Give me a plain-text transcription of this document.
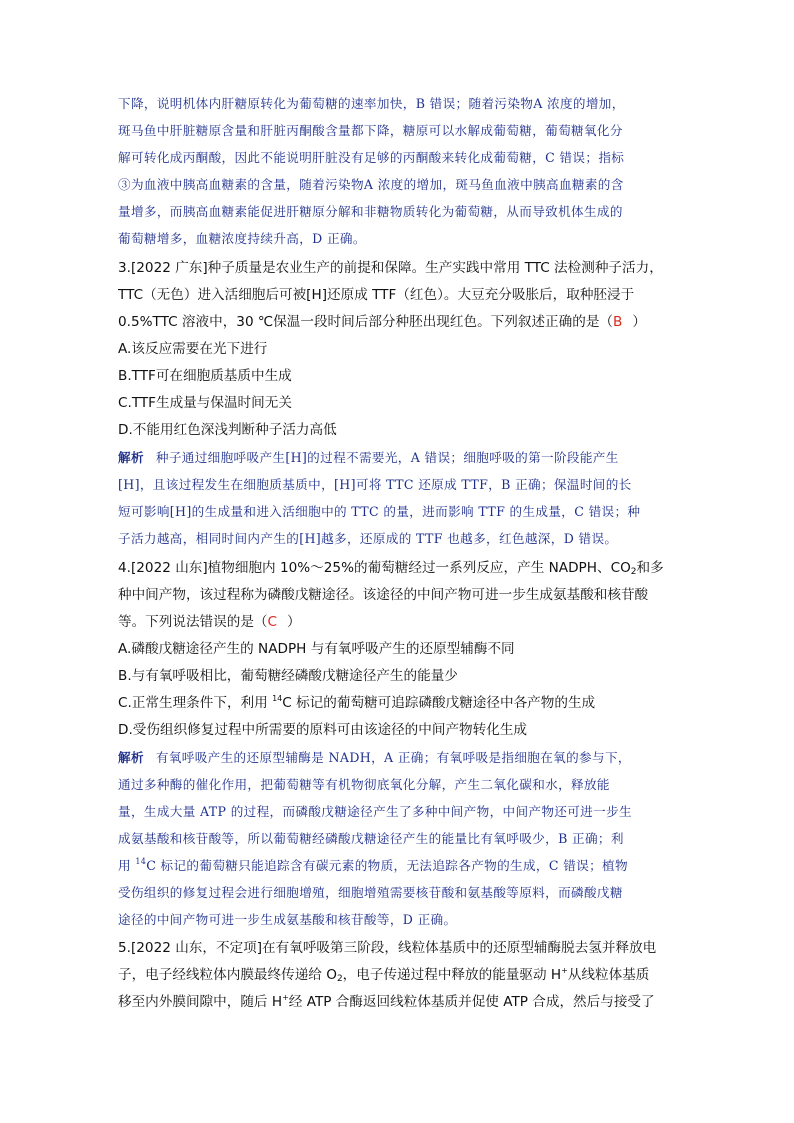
下降，说明机体内肝糖原转化为葡萄糖的速率加快，B 错误；随着污染物A 浓度的增加，
斑马鱼中肝脏糖原含量和肝脏丙酮酸含量都下降，糖原可以水解成葡萄糖，葡萄糖氧化分
解可转化成丙酮酸，因此不能说明肝脏没有足够的丙酮酸来转化成葡萄糖，C 错误；指标
③为血液中胰高血糖素的含量，随着污染物A 浓度的增加，斑马鱼血液中胰高血糖素的含
量增多，而胰高血糖素能促进肝糖原分解和非糖物质转化为葡萄糖，从而导致机体生成的
葡萄糖增多，血糖浓度持续升高，D 正确。
3.[2022 广东]种子质量是农业生产的前提和保障。生产实践中常用 TTC 法检测种子活力，
TTC（无色）进入活细胞后可被[H]还原成 TTF（红色）。大豆充分吸胀后，取种胚浸于
0.5%TTC 溶液中，30 ℃保温一段时间后部分种胚出现红色。下列叙述正确的是（B ）
A.该反应需要在光下进行
B.TTF可在细胞质基质中生成
C.TTF生成量与保温时间无关
D.不能用红色深浅判断种子活力高低
解析 种子通过细胞呼吸产生[H]的过程不需要光，A 错误；细胞呼吸的第一阶段能产生
[H]，且该过程发生在细胞质基质中，[H]可将 TTC 还原成 TTF，B 正确；保温时间的长
短可影响[H]的生成量和进入活细胞中的 TTC 的量，进而影响 TTF 的生成量，C 错误；种
子活力越高，相同时间内产生的[H]越多，还原成的 TTF 也越多，红色越深，D 错误。
4.[2022 山东]植物细胞内 10%～25%的葡萄糖经过一系列反应，产生 NADPH、$CO_2$和多
种中间产物，该过程称为磷酸戊糖途径。该途径的中间产物可进一步生成氨基酸和核苷酸
等。下列说法错误的是（C ）
A.磷酸戊糖途径产生的 NADPH 与有氧呼吸产生的还原型辅酶不同
B.与有氧呼吸相比，葡萄糖经磷酸戊糖途径产生的能量少
C.正常生理条件下，利用 $^{14}$C 标记的葡萄糖可追踪磷酸戊糖途径中各产物的生成
D.受伤组织修复过程中所需要的原料可由该途径的中间产物转化生成
解析 有氧呼吸产生的还原型辅酶是 NADH，A 正确；有氧呼吸是指细胞在氧的参与下，
通过多种酶的催化作用，把葡萄糖等有机物彻底氧化分解，产生二氧化碳和水，释放能
量，生成大量 ATP 的过程，而磷酸戊糖途径产生了多种中间产物，中间产物还可进一步生
成氨基酸和核苷酸等，所以葡萄糖经磷酸戊糖途径产生的能量比有氧呼吸少，B 正确；利
用 $^{14}$C 标记的葡萄糖只能追踪含有碳元素的物质，无法追踪各产物的生成，C 错误；植物
受伤组织的修复过程会进行细胞增殖，细胞增殖需要核苷酸和氨基酸等原料，而磷酸戊糖
途径的中间产物可进一步生成氨基酸和核苷酸等，D 正确。
5.[2022 山东，不定项]在有氧呼吸第三阶段，线粒体基质中的还原型辅酶脱去氢并释放电
子，电子经线粒体内膜最终传递给 $O_2$，电子传递过程中释放的能量驱动 H+从线粒体基质
移至内外膜间隙中，随后 H+经 ATP 合酶返回线粒体基质并促使 ATP 合成，然后与接受了
